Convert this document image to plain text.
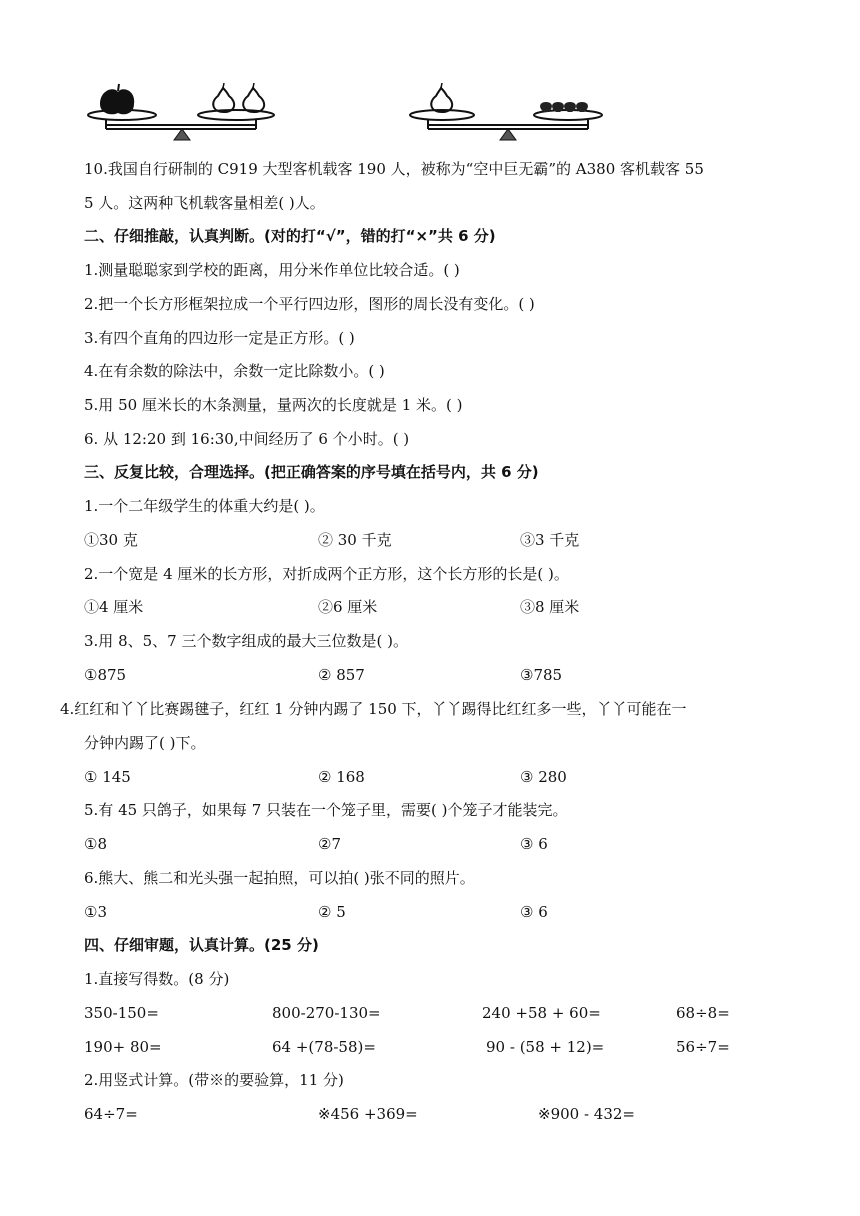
10.我国自行研制的 C919 大型客机载客 190 人，被称为“空中巨无霸”的 A380 客机载客 55
5 人。这两种飞机载客量相差( )人。
二、仔细推敲，认真判断。(对的打“√”，错的打“×”共 6 分)
1.测量聪聪家到学校的距离，用分米作单位比较合适。( )
2.把一个长方形框架拉成一个平行四边形，图形的周长没有变化。( )
3.有四个直角的四边形一定是正方形。( )
4.在有余数的除法中，余数一定比除数小。( )
5.用 50 厘米长的木条测量，量两次的长度就是 1 米。( )
6. 从 12:20 到 16:30,中间经历了 6 个小时。( )
三、反复比较，合理选择。(把正确答案的序号填在括号内，共 6 分)
1.一个二年级学生的体重大约是( )。
①30 克	② 30 千克	③3 千克
2.一个宽是 4 厘米的长方形，对折成两个正方形，这个长方形的长是( )。
①4 厘米	②6 厘米	③8 厘米
3.用 8、5、7 三个数字组成的最大三位数是( )。
①875	② 857	③785
4.红红和丫丫比赛踢毽子，红红 1 分钟内踢了 150 下，丫丫踢得比红红多一些，丫丫可能在一
分钟内踢了( )下。
① 145	② 168	③ 280
5.有 45 只鸽子，如果每 7 只装在一个笼子里，需要( )个笼子才能装完。
①8	②7	③ 6
6.熊大、熊二和光头强一起拍照，可以拍( )张不同的照片。
①3	② 5	③ 6
四、仔细审题，认真计算。(25 分)
1.直接写得数。(8 分)
350-150=	800-270-130=	240 +58 + 60=	68÷8=
190+ 80=	64 +(78-58)=	90 - (58 + 12)=	56÷7=
2.用竖式计算。(带※的要验算，11 分)
64÷7=	※456 +369=	※900 - 432=
